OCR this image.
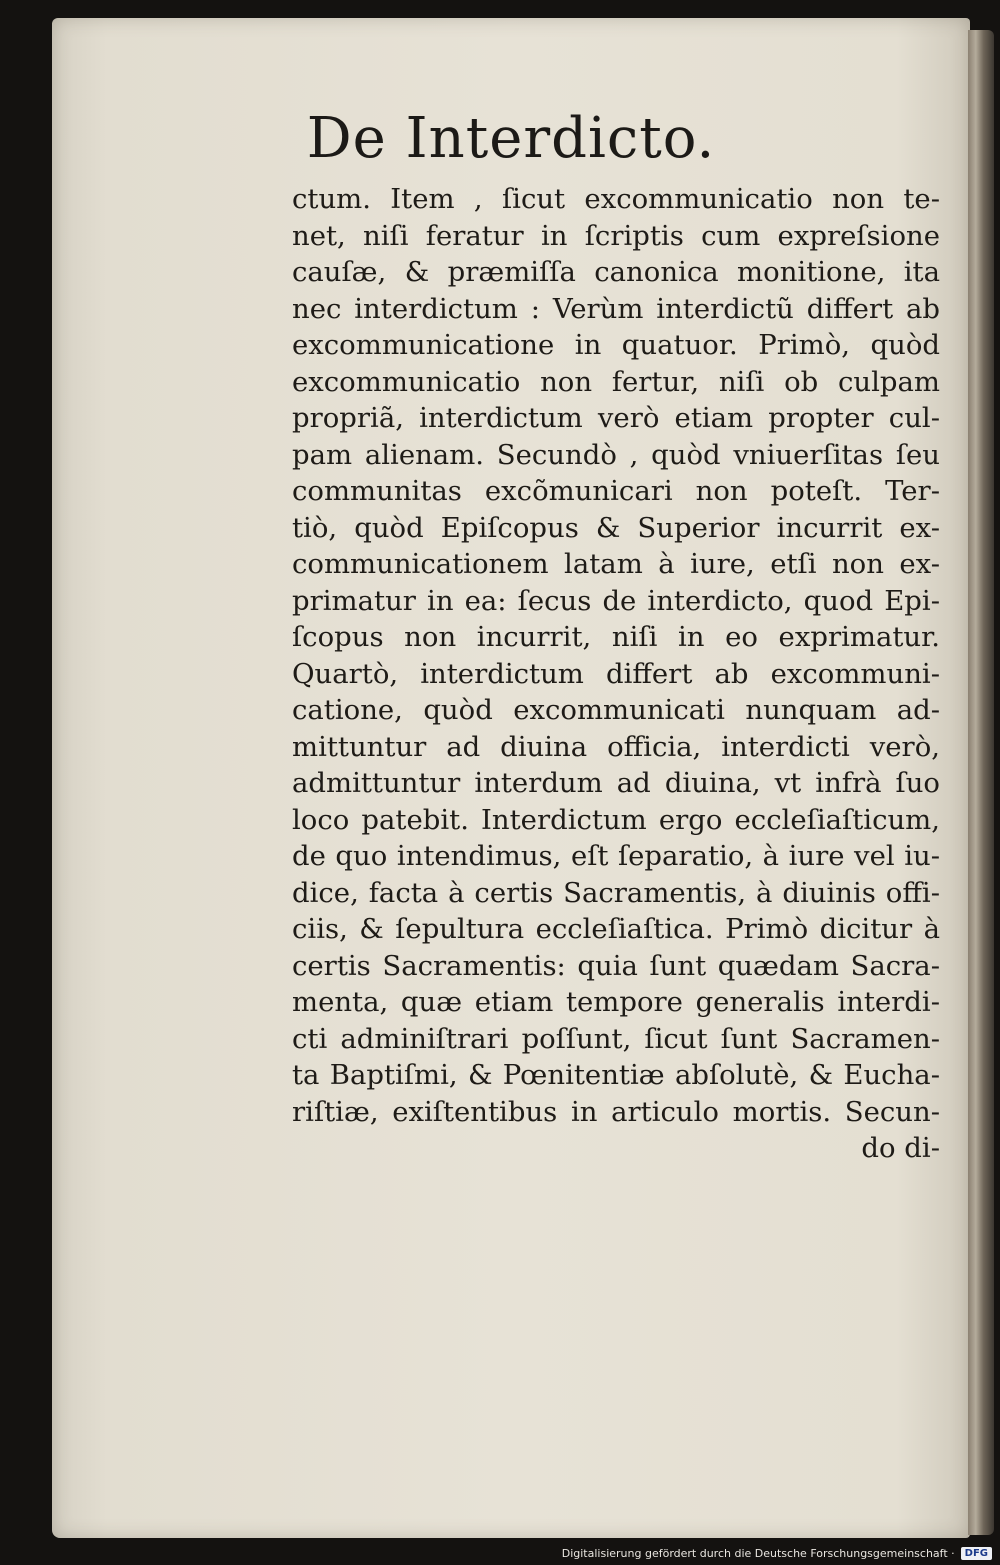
De Interdicto.
ctum. Item , ſicut excommunicatio non te-
net, niſi feratur in ſcriptis cum expreſsione
cauſæ, & præmiſſa canonica monitione, ita
nec interdictum : Verùm interdictũ differt ab
excommunicatione in quatuor. Primò, quòd
excommunicatio non fertur, niſi ob culpam
propriã, interdictum verò etiam propter cul-
pam alienam. Secundò , quòd vniuerſitas ſeu
communitas excõmunicari non poteſt. Ter-
tiò, quòd Epiſcopus & Superior incurrit ex-
communicationem latam à iure, etſi non ex-
primatur in ea: ſecus de interdicto, quod Epi-
ſcopus non incurrit, niſi in eo exprimatur.
Quartò, interdictum differt ab excommuni-
catione, quòd excommunicati nunquam ad-
mittuntur ad diuina officia, interdicti verò,
admittuntur interdum ad diuina, vt infrà ſuo
loco patebit. Interdictum ergo eccleſiaſticum,
de quo intendimus, eſt ſeparatio, à iure vel iu-
dice, facta à certis Sacramentis, à diuinis offi-
ciis, & ſepultura eccleſiaſtica. Primò dicitur à
certis Sacramentis: quia ſunt quædam Sacra-
menta, quæ etiam tempore generalis interdi-
cti adminiſtrari poſſunt, ſicut ſunt Sacramen-
ta Baptiſmi, & Pœnitentiæ abſolutè, & Eucha-
riſtiæ, exiſtentibus in articulo mortis. Secun-
do di-
Digitalisierung gefördert durch die Deutsche Forschungsgemeinschaft ·	DFG
